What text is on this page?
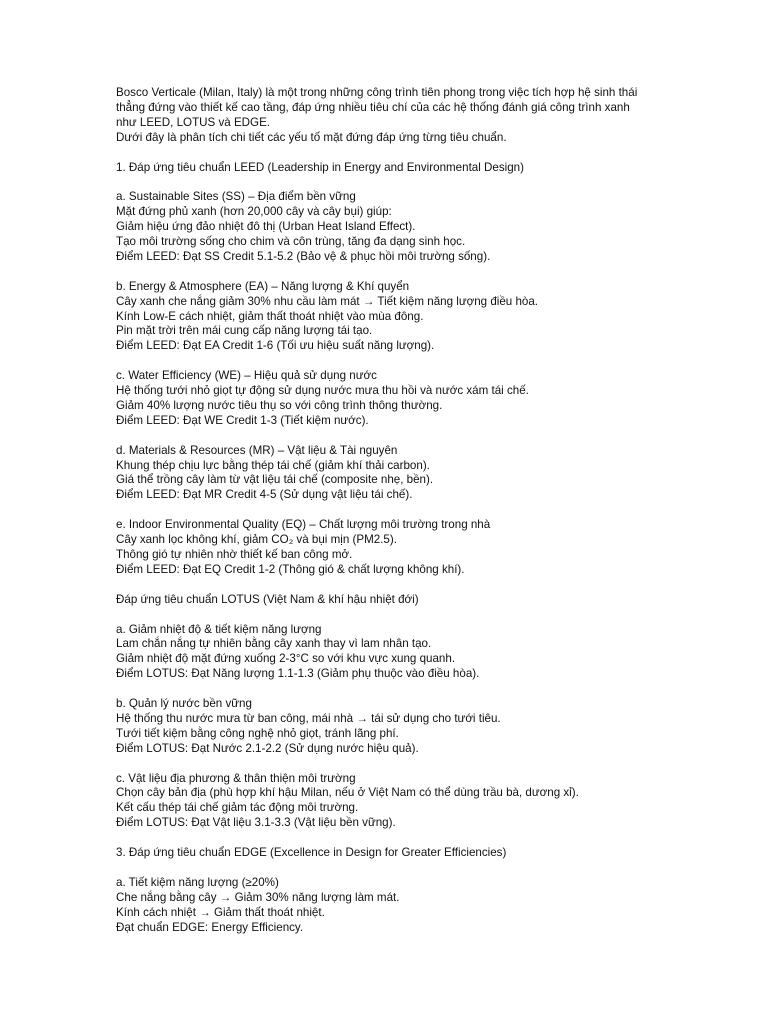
Bosco Verticale (Milan, Italy) là một trong những công trình tiên phong trong việc tích hợp hệ sinh thái
thẳng đứng vào thiết kế cao tầng, đáp ứng nhiều tiêu chí của các hệ thống đánh giá công trình xanh
như LEED, LOTUS và EDGE.
Dưới đây là phân tích chi tiết các yếu tố mặt đứng đáp ứng từng tiêu chuẩn.
1. Đáp ứng tiêu chuẩn LEED (Leadership in Energy and Environmental Design)
a. Sustainable Sites (SS) – Địa điểm bền vững
Mặt đứng phủ xanh (hơn 20,000 cây và cây bụi) giúp:
Giảm hiệu ứng đảo nhiệt đô thị (Urban Heat Island Effect).
Tạo môi trường sống cho chim và côn trùng, tăng đa dạng sinh học.
Điểm LEED: Đạt SS Credit 5.1-5.2 (Bảo vệ & phục hồi môi trường sống).
b. Energy & Atmosphere (EA) – Năng lượng & Khí quyển
Cây xanh che nắng giảm 30% nhu cầu làm mát → Tiết kiệm năng lượng điều hòa.
Kính Low-E cách nhiệt, giảm thất thoát nhiệt vào mùa đông.
Pin mặt trời trên mái cung cấp năng lượng tái tạo.
Điểm LEED: Đạt EA Credit 1-6 (Tối ưu hiệu suất năng lượng).
c. Water Efficiency (WE) – Hiệu quả sử dụng nước
Hệ thống tưới nhỏ giọt tự động sử dụng nước mưa thu hồi và nước xám tái chế.
Giảm 40% lượng nước tiêu thụ so với công trình thông thường.
Điểm LEED: Đạt WE Credit 1-3 (Tiết kiệm nước).
d. Materials & Resources (MR) – Vật liệu & Tài nguyên
Khung thép chịu lực bằng thép tái chế (giảm khí thải carbon).
Giá thể trồng cây làm từ vật liệu tái chế (composite nhẹ, bền).
Điểm LEED: Đạt MR Credit 4-5 (Sử dụng vật liệu tái chế).
e. Indoor Environmental Quality (EQ) – Chất lượng môi trường trong nhà
Cây xanh lọc không khí, giảm CO₂ và bụi mịn (PM2.5).
Thông gió tự nhiên nhờ thiết kế ban công mở.
Điểm LEED: Đạt EQ Credit 1-2 (Thông gió & chất lượng không khí).
Đáp ứng tiêu chuẩn LOTUS (Việt Nam & khí hậu nhiệt đới)
a. Giảm nhiệt độ & tiết kiệm năng lượng
Lam chắn nắng tự nhiên bằng cây xanh thay vì lam nhân tạo.
Giảm nhiệt độ mặt đứng xuống 2-3°C so với khu vực xung quanh.
Điểm LOTUS: Đạt Năng lượng 1.1-1.3 (Giảm phụ thuộc vào điều hòa).
b. Quản lý nước bền vững
Hệ thống thu nước mưa từ ban công, mái nhà → tái sử dụng cho tưới tiêu.
Tưới tiết kiệm bằng công nghệ nhỏ giọt, tránh lãng phí.
Điểm LOTUS: Đạt Nước 2.1-2.2 (Sử dụng nước hiệu quả).
c. Vật liệu địa phương & thân thiện môi trường
Chọn cây bản địa (phù hợp khí hậu Milan, nếu ở Việt Nam có thể dùng trầu bà, dương xỉ).
Kết cấu thép tái chế giảm tác động môi trường.
Điểm LOTUS: Đạt Vật liệu 3.1-3.3 (Vật liệu bền vững).
3. Đáp ứng tiêu chuẩn EDGE (Excellence in Design for Greater Efficiencies)
a. Tiết kiệm năng lượng (≥20%)
Che nắng bằng cây → Giảm 30% năng lượng làm mát.
Kính cách nhiệt → Giảm thất thoát nhiệt.
Đạt chuẩn EDGE: Energy Efficiency.
